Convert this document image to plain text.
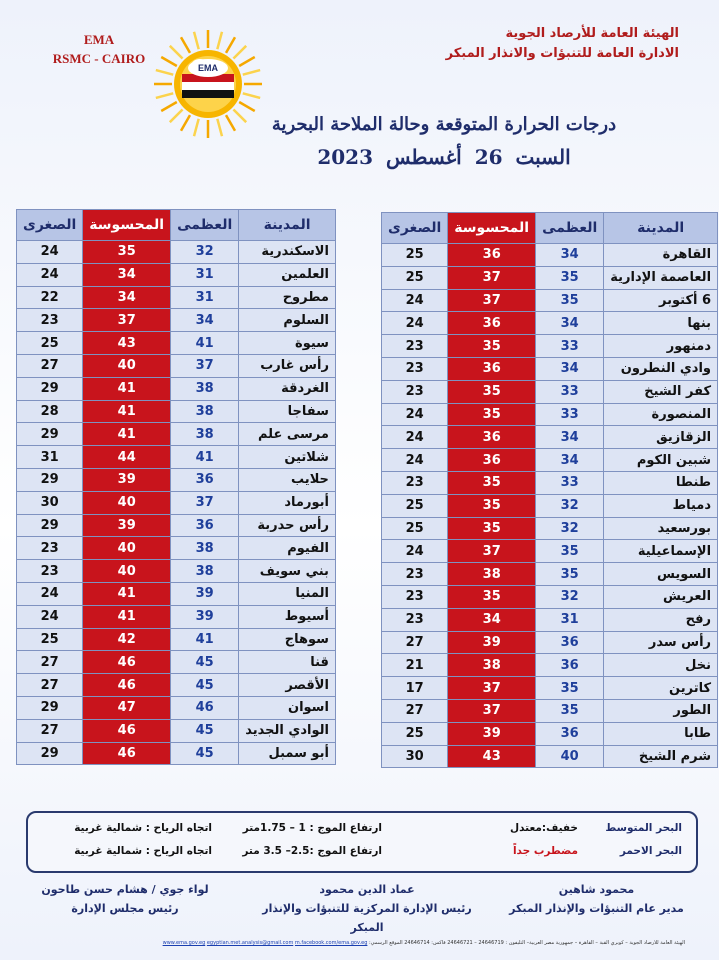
EMA
RSMC - CAIRO
EMA
الهيئة العامة للأرصاد الجوية
الادارة العامة للتنبؤات والانذار المبكر
درجات الحرارة المتوقعة وحالة الملاحة البحرية
السبت 26 أغسطس 2023
المدينة	العظمى	المحسوسة	الصغرى
الاسكندرية	32	35	24
العلمين	31	34	24
مطروح	31	34	22
السلوم	34	37	23
سيوة	41	43	25
رأس غارب	37	40	27
الغردقة	38	41	29
سفاجا	38	41	28
مرسى علم	38	41	29
شلاتين	41	44	31
حلايب	36	39	29
أبورماد	37	40	30
رأس حدربة	36	39	29
الفيوم	38	40	23
بني سويف	38	40	23
المنيا	39	41	24
أسيوط	39	41	24
سوهاج	41	42	25
قنا	45	46	27
الأقصر	45	46	27
اسوان	46	47	29
الوادي الجديد	45	46	27
أبو سمبل	45	46	29
المدينة	العظمى	المحسوسة	الصغرى
القاهرة	34	36	25
العاصمة الإدارية	35	37	25
6 أكتوبر	35	37	24
بنها	34	36	24
دمنهور	33	35	23
وادي النطرون	34	36	23
كفر الشيخ	33	35	23
المنصورة	33	35	24
الزقازيق	34	36	24
شبين الكوم	34	36	24
طنطا	33	35	23
دمياط	32	35	25
بورسعيد	32	35	25
الإسماعيلية	35	37	24
السويس	35	38	23
العريش	32	35	23
رفح	31	34	23
رأس سدر	36	39	27
نخل	36	38	21
كاترين	35	37	17
الطور	35	37	27
طابا	36	39	25
شرم الشيخ	40	43	30
البحر المتوسط
خفيف:معتدل
ارتفاع الموج : 1 – 1.75متر
اتجاه الرياح : شمالية غربية
البحر الاحمر
مضطرب جداً
ارتفاع الموج :2.5– 3.5 متر
اتجاه الرياح : شمالية غربية
محمود شاهين
مدير عام التنبؤات والإنذار المبكر
عماد الدين محمود
رئيس الإدارة المركزية للتنبؤات والإنذار المبكر
لواء جوي / هشام حسن طاحون
رئيس مجلس الإدارة
الهيئة العامة للأرصاد الجوية – كوبري القبة – القاهرة – جمهورية مصر العربية– التليفون : 24646719 – 24646721 فاكس: 24646714 الموقع الرسمي: www.ema.gov.eg egyptian.met.analysis@gmail.com m.facebook.com/ema.gov.eg
